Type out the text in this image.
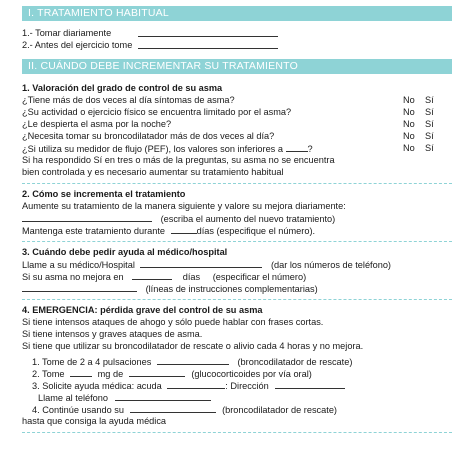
I. TRATAMIENTO HABITUAL
1.- Tomar diariamente
2.- Antes del ejercicio tome
II. CUÁNDO DEBE INCREMENTAR SU TRATAMIENTO
1. Valoración del grado de control de su asma
¿Tiene más de dos veces al día síntomas de asma?	No Sí
¿Su actividad o ejercicio físico se encuentra limitado por el asma?	No Sí
¿Le despierta el asma por la noche?	No Sí
¿Necesita tomar su broncodilatador más de dos veces al día?	No Sí
¿Si utiliza su medidor de flujo (PEF), los valores son inferiores a	?	No Sí
Si ha respondido Sí en tres o más de la preguntas, su asma no se encuentra
bien controlada y es necesario aumentar su tratamiento habitual
2. Cómo se incrementa el tratamiento
Aumente su tratamiento de la manera siguiente y valore su mejora diariamente:
(escriba el aumento del nuevo tratamiento)
Mantenga este tratamiento durante	días (especifique el número).
3. Cuándo debe pedir ayuda al médico/hospital
Llame a su médico/Hospital	(dar los números de teléfono)
Si su asma no mejora en	días (especificar el número)
(líneas de instrucciones complementarias)
4. EMERGENCIA: pérdida grave del control de su asma
Si tiene intensos ataques de ahogo y sólo puede hablar con frases cortas.
Si tiene intensos y graves ataques de asma.
Si tiene que utilizar su broncodilatador de rescate o alivio cada 4 horas y no mejora.
1. Tome de 2 a 4 pulsaciones	(broncodilatador de rescate)
2. Tome	mg de	(glucocorticoides por vía oral)
3. Solicite ayuda médica: acuda	: Dirección
Llame al teléfono
4. Continúe usando su	(broncodilatador de rescate)
hasta que consiga la ayuda médica
